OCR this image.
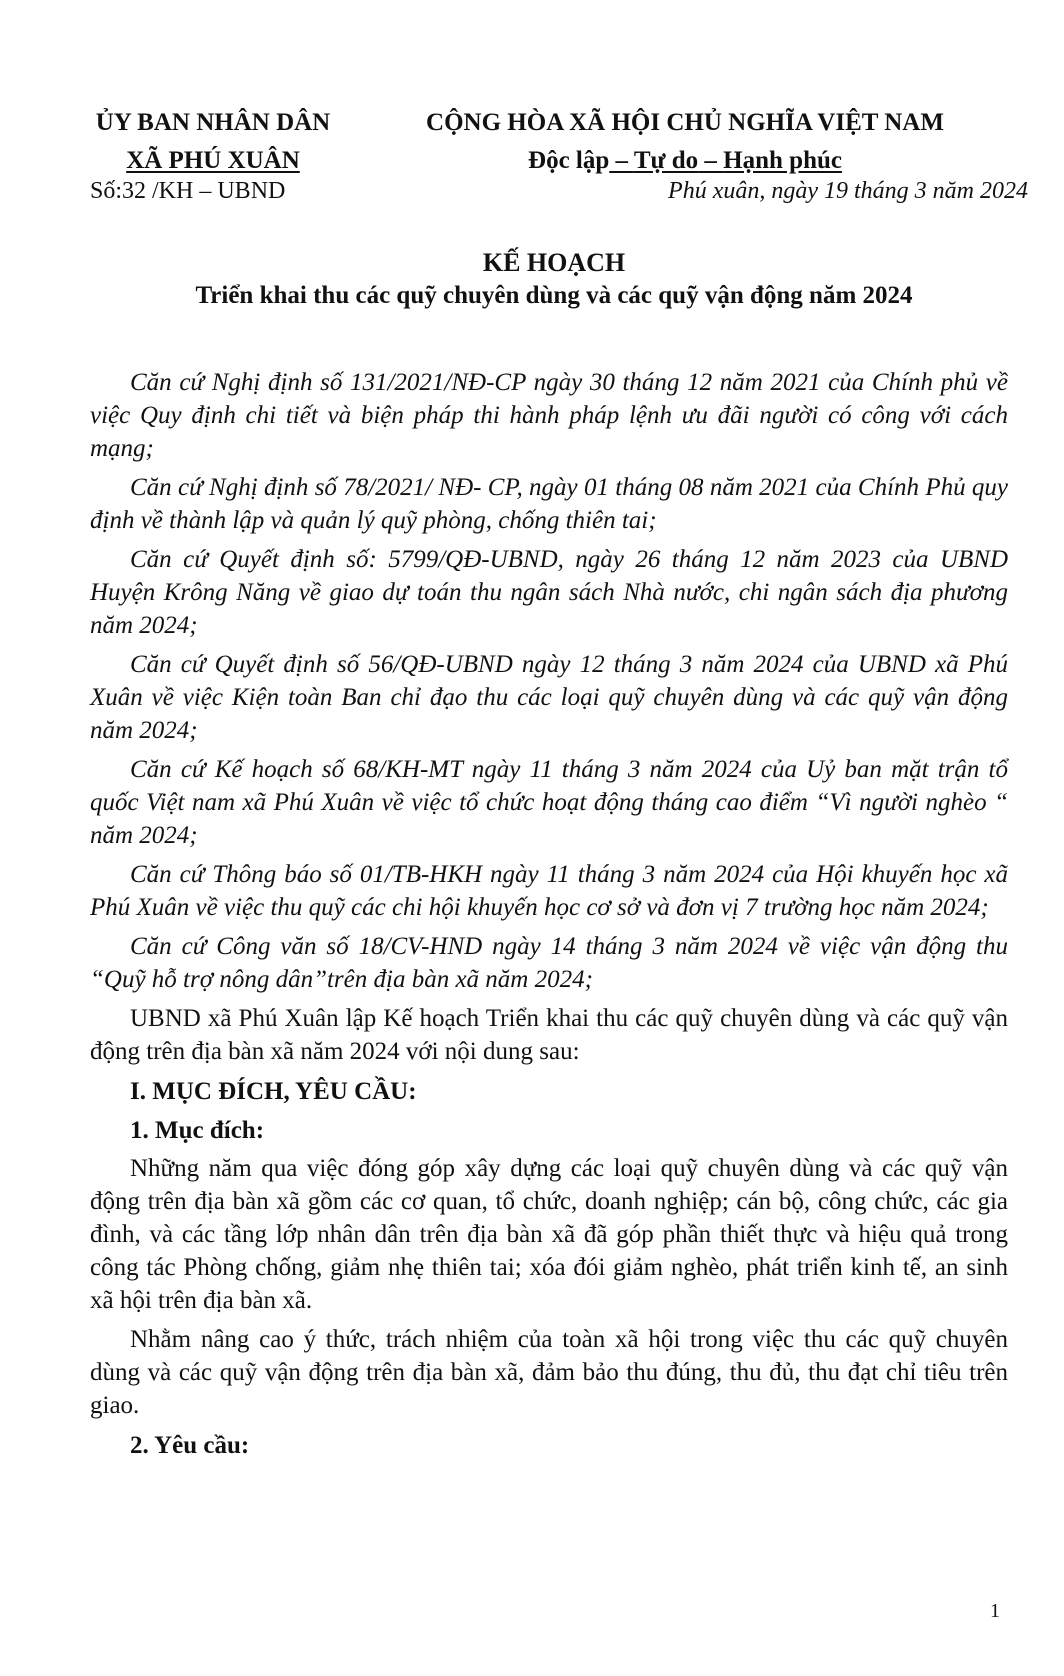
ỦY BAN NHÂN DÂN
XÃ PHÚ XUÂN
CỘNG HÒA XÃ HỘI CHỦ NGHĨA VIỆT NAM
Độc lập – Tự do – Hạnh phúc
Số:32 /KH – UBND	Phú xuân, ngày 19 tháng 3 năm 2024
KẾ HOẠCH
Triển khai thu các quỹ chuyên dùng và các quỹ vận động năm 2024

Căn cứ Nghị định số 131/2021/NĐ-CP ngày 30 tháng 12 năm 2021 của Chính phủ về việc Quy định chi tiết và biện pháp thi hành pháp lệnh ưu đãi người có công với cách mạng;

Căn cứ Nghị định số 78/2021/ NĐ- CP, ngày 01 tháng 08 năm 2021 của Chính Phủ quy định về thành lập và quản lý quỹ phòng, chống thiên tai;

Căn cứ Quyết định số: 5799/QĐ-UBND, ngày 26 tháng 12 năm 2023 của UBND Huyện Krông Năng về giao dự toán thu ngân sách Nhà nước, chi ngân sách địa phương năm 2024;

Căn cứ Quyết định số 56/QĐ-UBND ngày 12 tháng 3 năm 2024 của UBND xã Phú Xuân về việc Kiện toàn Ban chỉ đạo thu các loại quỹ chuyên dùng và các quỹ vận động năm 2024;

Căn cứ Kế hoạch số 68/KH-MT ngày 11 tháng 3 năm 2024 của Uỷ ban mặt trận tổ quốc Việt nam xã Phú Xuân về việc tổ chức hoạt động tháng cao điểm “Vì người nghèo “ năm 2024;

Căn cứ Thông báo số 01/TB-HKH ngày 11 tháng 3 năm 2024 của Hội khuyến học xã Phú Xuân về việc thu quỹ các chi hội khuyến học cơ sở và đơn vị 7 trường học năm 2024;

Căn cứ Công văn số 18/CV-HND ngày 14 tháng 3 năm 2024 về việc vận động thu “Quỹ hỗ trợ nông dân”trên địa bàn xã năm 2024;

UBND xã Phú Xuân lập Kế hoạch Triển khai thu các quỹ chuyên dùng và các quỹ vận động trên địa bàn xã năm 2024 với nội dung sau:

I. MỤC ĐÍCH, YÊU CẦU:
1. Mục đích:

Những năm qua việc đóng góp xây dựng các loại quỹ chuyên dùng và các quỹ vận động trên địa bàn xã gồm các cơ quan, tổ chức, doanh nghiệp; cán bộ, công chức, các gia đình, và các tầng lớp nhân dân trên địa bàn xã đã góp phần thiết thực và hiệu quả trong công tác Phòng chống, giảm nhẹ thiên tai; xóa đói giảm nghèo, phát triển kinh tế, an sinh xã hội trên địa bàn xã.

Nhằm nâng cao ý thức, trách nhiệm của toàn xã hội trong việc thu các quỹ chuyên dùng và các quỹ vận động trên địa bàn xã, đảm bảo thu đúng, thu đủ, thu đạt chỉ tiêu trên giao.

2. Yêu cầu:
1
